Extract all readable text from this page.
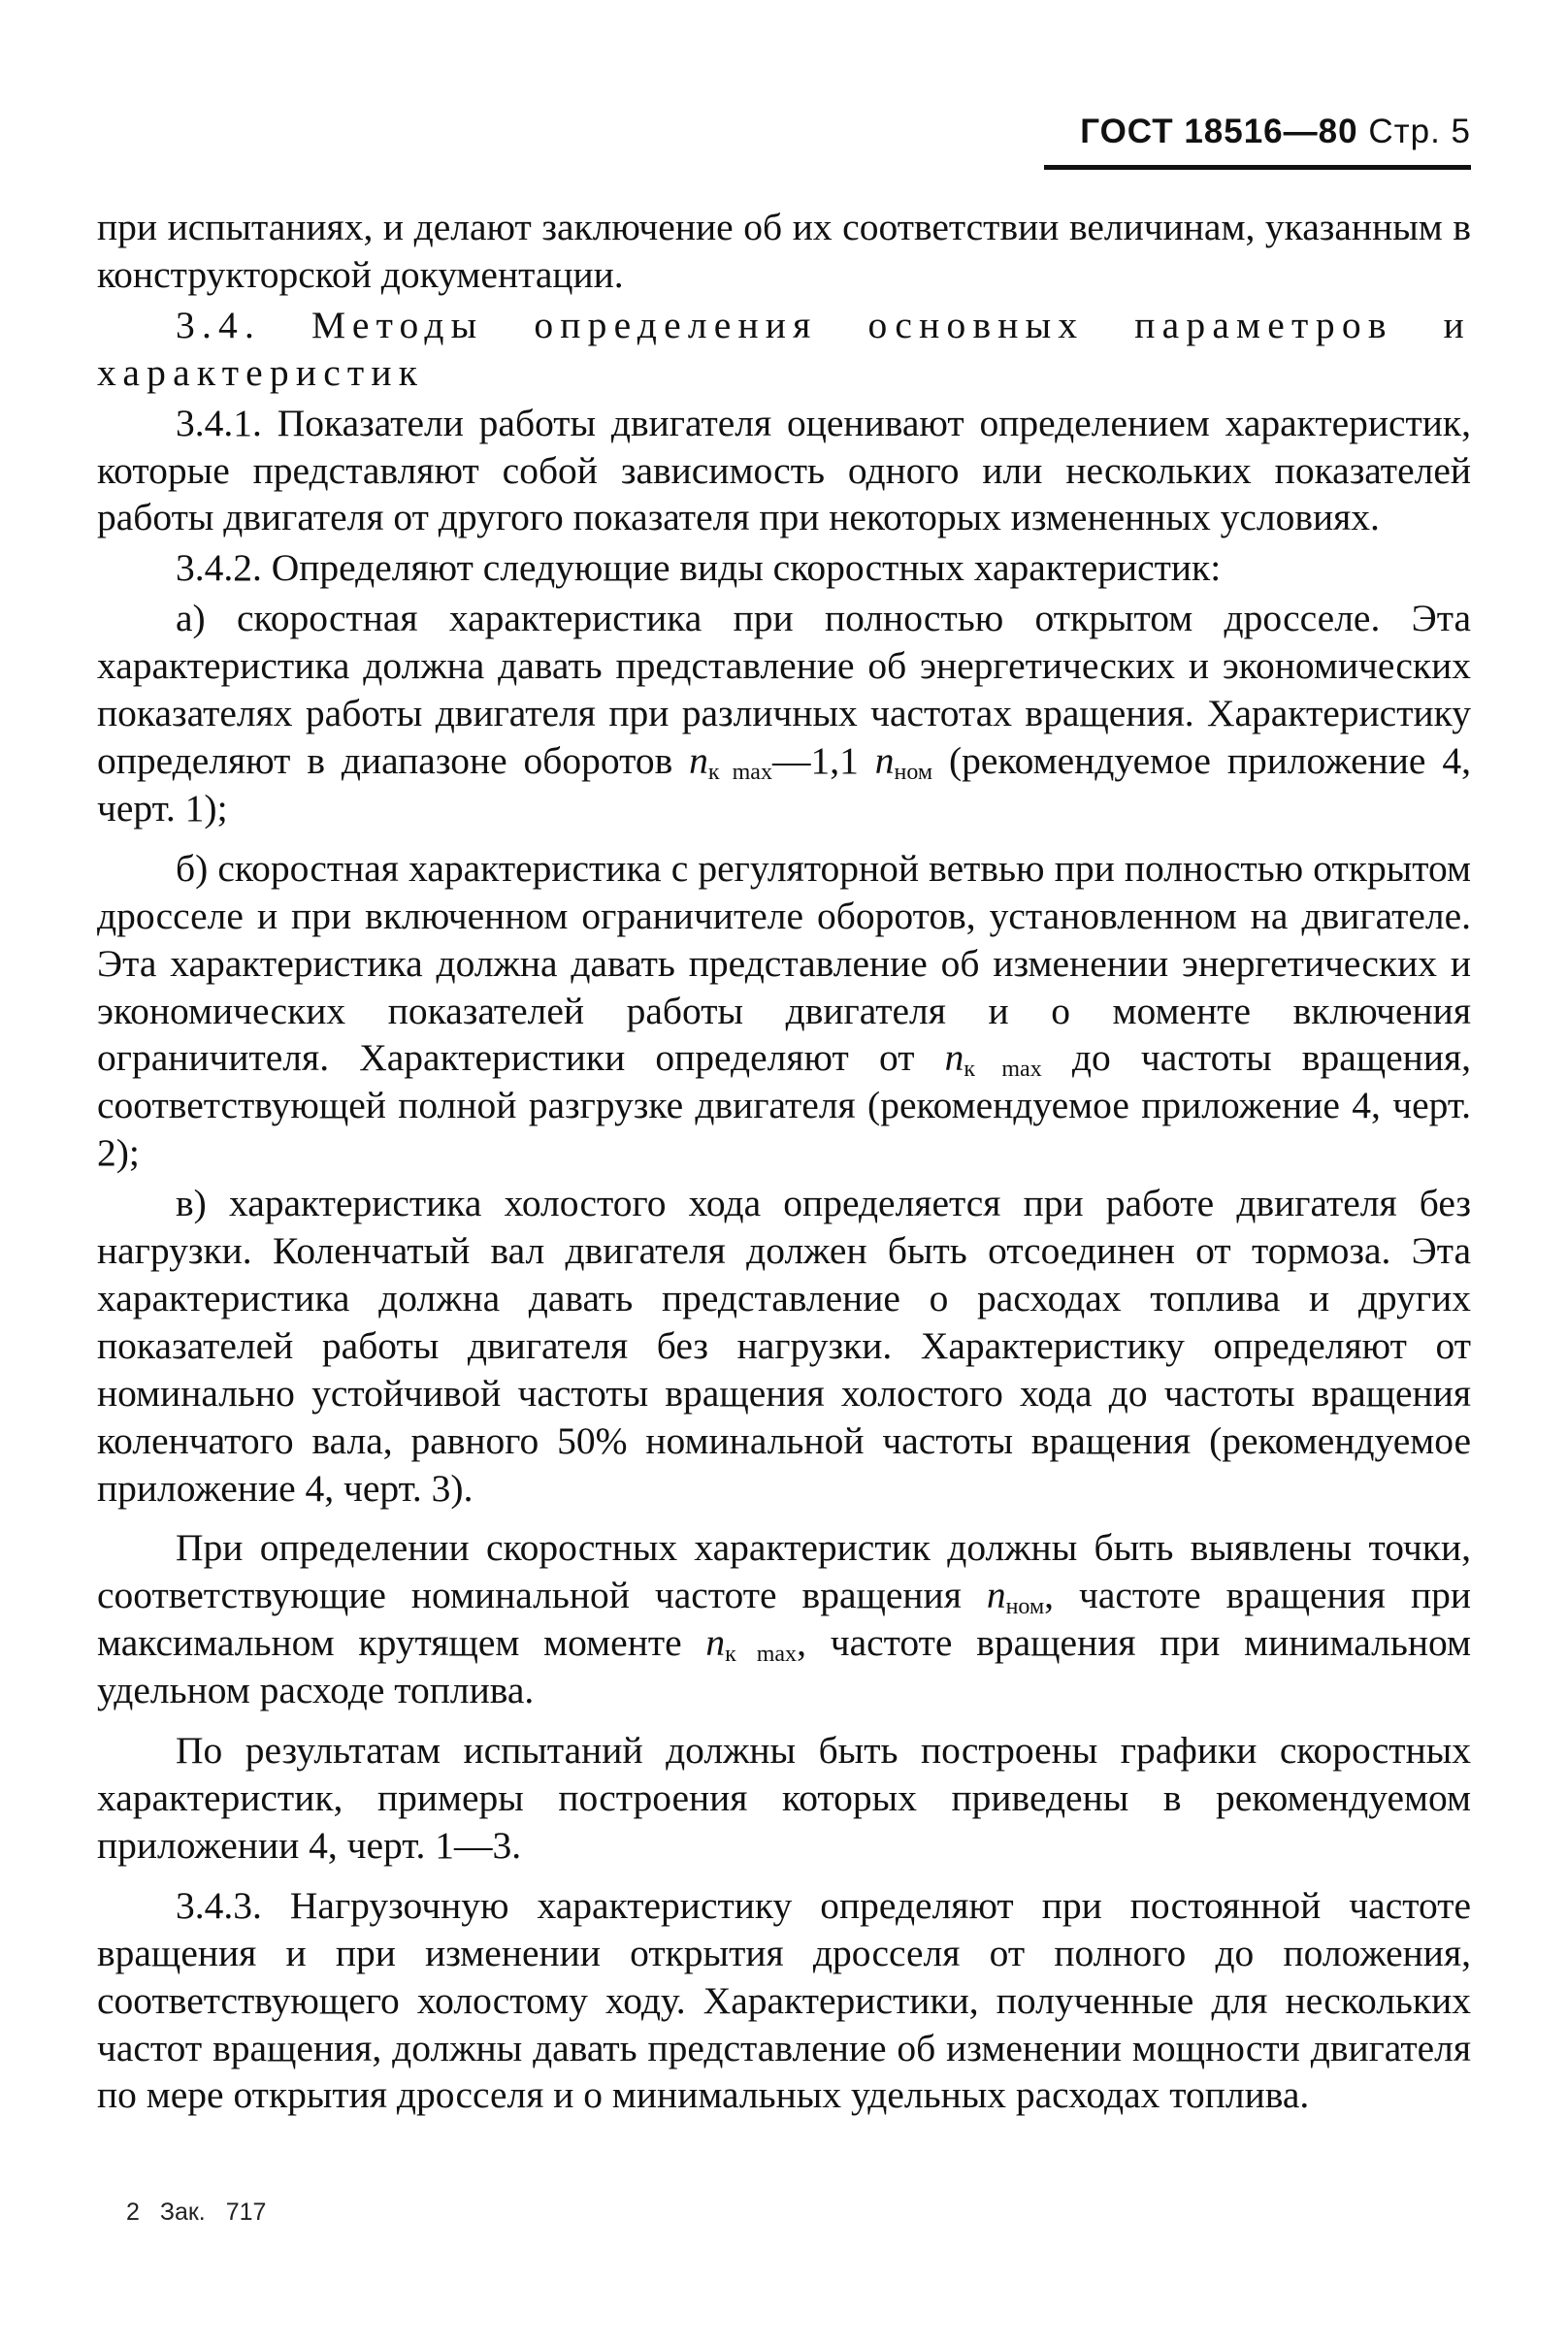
ГОСТ 18516—80 Стр. 5

при испытаниях, и делают заключение об их соответствии величинам, указанным в конструкторской документации.

3.4. Методы определения основных параметров и характеристик

3.4.1. Показатели работы двигателя оценивают определением характеристик, которые представляют собой зависимость одного или нескольких показателей работы двигателя от другого показателя при некоторых измененных условиях.

3.4.2. Определяют следующие виды скоростных характеристик:

а) скоростная характеристика при полностью открытом дросселе. Эта характеристика должна давать представление об энергетических и экономических показателях работы двигателя при различных частотах вращения. Характеристику определяют в диапазоне оборотов $n_{к max}—1,1$ $n_{ном}$ (рекомендуемое приложение 4, черт. 1);

б) скоростная характеристика с регуляторной ветвью при полностью открытом дросселе и при включенном ограничителе оборотов, установленном на двигателе. Эта характеристика должна давать представление об изменении энергетических и экономических показателей работы двигателя и о моменте включения ограничителя. Характеристики определяют от $n_{к max}$ до частоты вращения, соответствующей полной разгрузке двигателя (рекомендуемое приложение 4, черт. 2);

в) характеристика холостого хода определяется при работе двигателя без нагрузки. Коленчатый вал двигателя должен быть отсоединен от тормоза. Эта характеристика должна давать представление о расходах топлива и других показателей работы двигателя без нагрузки. Характеристику определяют от номинально устойчивой частоты вращения холостого хода до частоты вращения коленчатого вала, равного 50% номинальной частоты вращения (рекомендуемое приложение 4, черт. 3).

При определении скоростных характеристик должны быть выявлены точки, соответствующие номинальной частоте вращения $n_{ном}$, частоте вращения при максимальном крутящем моменте $n_{к max}$, частоте вращения при минимальном удельном расходе топлива.

По результатам испытаний должны быть построены графики скоростных характеристик, примеры построения которых приведены в рекомендуемом приложении 4, черт. 1—3.

3.4.3. Нагрузочную характеристику определяют при постоянной частоте вращения и при изменении открытия дросселя от полного до положения, соответствующего холостому ходу. Характеристики, полученные для нескольких частот вращения, должны давать представление об изменении мощности двигателя по мере открытия дросселя и о минимальных удельных расходах топлива.

2 Зак. 717
